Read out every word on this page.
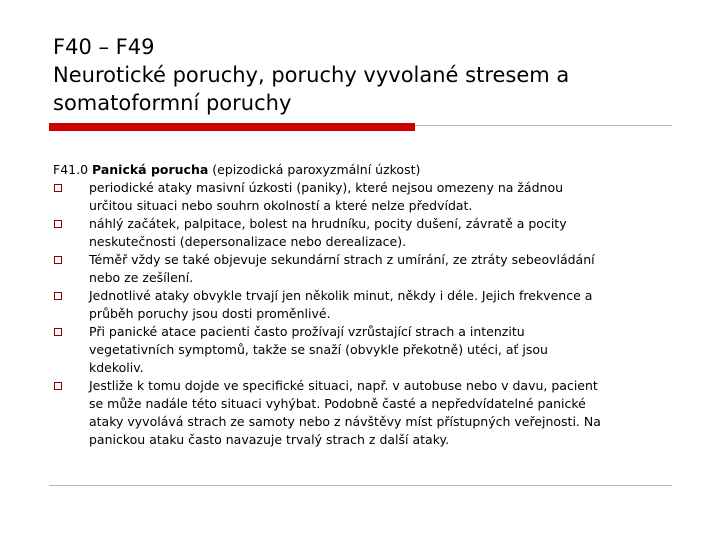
F40 – F49
Neurotické poruchy, poruchy vyvolané stresem a
somatoformní poruchy
F41.0 Panická porucha (epizodická paroxyzmální úzkost)
periodické ataky masivní úzkosti (paniky), které nejsou omezeny na žádnou
určitou situaci nebo souhrn okolností a které nelze předvídat.
náhlý začátek, palpitace, bolest na hrudníku, pocity dušení, závratě a pocity
neskutečnosti (depersonalizace nebo derealizace).
Téměř vždy se také objevuje sekundární strach z umírání, ze ztráty sebeovládání
nebo ze zešílení.
Jednotlivé ataky obvykle trvají jen několik minut, někdy i déle. Jejich frekvence a
průběh poruchy jsou dosti proměnlivé.
Při panické atace pacienti často prožívají vzrůstající strach a intenzitu
vegetativních symptomů, takže se snaží (obvykle překotně) utéci, ať jsou
kdekoliv.
Jestliže k tomu dojde ve specifické situaci, např. v autobuse nebo v davu, pacient
se může nadále této situaci vyhýbat. Podobně časté a nepředvídatelné panické
ataky vyvolává strach ze samoty nebo z návštěvy míst přístupných veřejnosti. Na
panickou ataku často navazuje trvalý strach z další ataky.
